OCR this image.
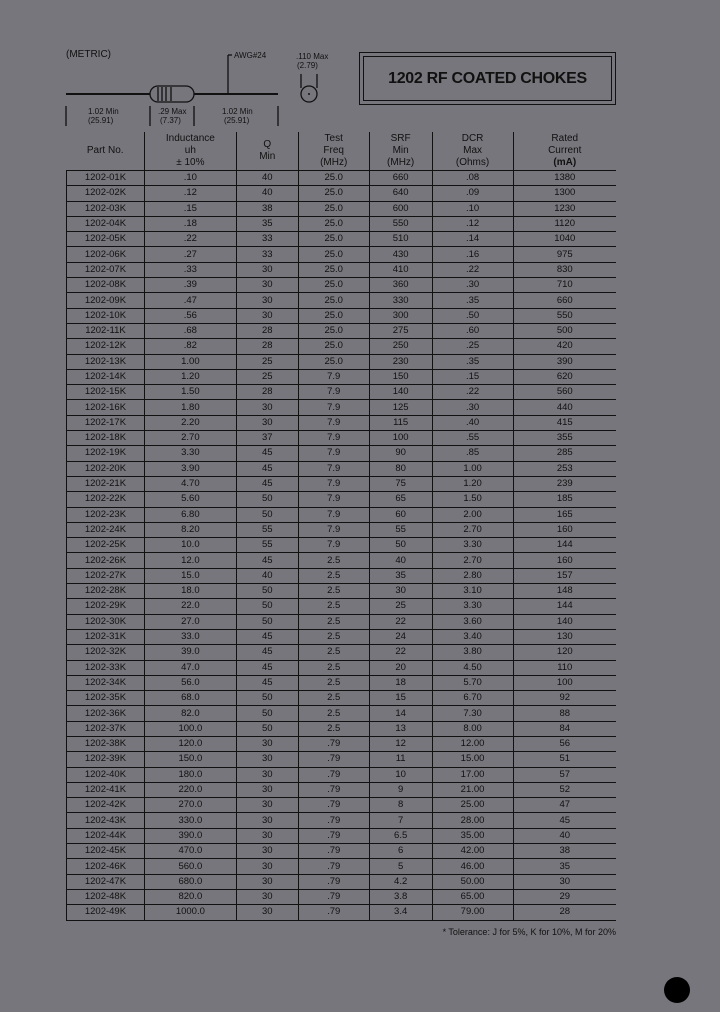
(METRIC)	AWG#24
1.02 Min
(25.91)
.29 Max
(7.37)
1.02 Min
(25.91)
.110 Max
(2.79)
1202 RF COATED CHOKES
Part No.

Inductance
uh
± 10%

Q
Min

Test
Freq
(MHz)

SRF
Min
(MHz)

DCR
Max
(Ohms)

Rated
Current
(mA)

1202-01K	.10	40	25.0	660	.08	1380
1202-02K	.12	40	25.0	640	.09	1300
1202-03K	.15	38	25.0	600	.10	1230
1202-04K	.18	35	25.0	550	.12	1120
1202-05K	.22	33	25.0	510	.14	1040
1202-06K	.27	33	25.0	430	.16	975
1202-07K	.33	30	25.0	410	.22	830
1202-08K	.39	30	25.0	360	.30	710
1202-09K	.47	30	25.0	330	.35	660
1202-10K	.56	30	25.0	300	.50	550
1202-11K	.68	28	25.0	275	.60	500
1202-12K	.82	28	25.0	250	.25	420
1202-13K	1.00	25	25.0	230	.35	390
1202-14K	1.20	25	7.9	150	.15	620
1202-15K	1.50	28	7.9	140	.22	560
1202-16K	1.80	30	7.9	125	.30	440
1202-17K	2.20	30	7.9	115	.40	415
1202-18K	2.70	37	7.9	100	.55	355
1202-19K	3.30	45	7.9	90	.85	285
1202-20K	3.90	45	7.9	80	1.00	253
1202-21K	4.70	45	7.9	75	1.20	239
1202-22K	5.60	50	7.9	65	1.50	185
1202-23K	6.80	50	7.9	60	2.00	165
1202-24K	8.20	55	7.9	55	2.70	160
1202-25K	10.0	55	7.9	50	3.30	144
1202-26K	12.0	45	2.5	40	2.70	160
1202-27K	15.0	40	2.5	35	2.80	157
1202-28K	18.0	50	2.5	30	3.10	148
1202-29K	22.0	50	2.5	25	3.30	144
1202-30K	27.0	50	2.5	22	3.60	140
1202-31K	33.0	45	2.5	24	3.40	130
1202-32K	39.0	45	2.5	22	3.80	120
1202-33K	47.0	45	2.5	20	4.50	110
1202-34K	56.0	45	2.5	18	5.70	100
1202-35K	68.0	50	2.5	15	6.70	92
1202-36K	82.0	50	2.5	14	7.30	88
1202-37K	100.0	50	2.5	13	8.00	84
1202-38K	120.0	30	.79	12	12.00	56
1202-39K	150.0	30	.79	11	15.00	51
1202-40K	180.0	30	.79	10	17.00	57
1202-41K	220.0	30	.79	9	21.00	52
1202-42K	270.0	30	.79	8	25.00	47
1202-43K	330.0	30	.79	7	28.00	45
1202-44K	390.0	30	.79	6.5	35.00	40
1202-45K	470.0	30	.79	6	42.00	38
1202-46K	560.0	30	.79	5	46.00	35
1202-47K	680.0	30	.79	4.2	50.00	30
1202-48K	820.0	30	.79	3.8	65.00	29
1202-49K	1000.0	30	.79	3.4	79.00	28
* Tolerance: J for 5%, K for 10%, M for 20%
